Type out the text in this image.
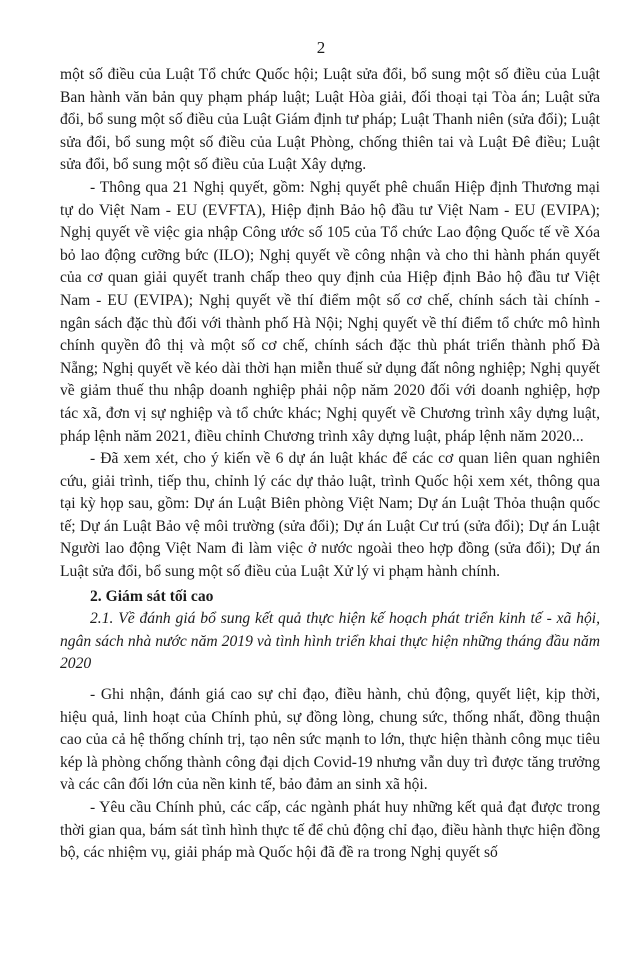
2

một số điều của Luật Tổ chức Quốc hội; Luật sửa đổi, bổ sung một số điều của Luật Ban hành văn bản quy phạm pháp luật; Luật Hòa giải, đối thoại tại Tòa án; Luật sửa đổi, bổ sung một số điều của Luật Giám định tư pháp; Luật Thanh niên (sửa đổi); Luật sửa đổi, bổ sung một số điều của Luật Phòng, chống thiên tai và Luật Đê điều; Luật sửa đổi, bổ sung một số điều của Luật Xây dựng.

- Thông qua 21 Nghị quyết, gồm: Nghị quyết phê chuẩn Hiệp định Thương mại tự do Việt Nam - EU (EVFTA), Hiệp định Bảo hộ đầu tư Việt Nam - EU (EVIPA); Nghị quyết về việc gia nhập Công ước số 105 của Tổ chức Lao động Quốc tế về Xóa bỏ lao động cưỡng bức (ILO); Nghị quyết về công nhận và cho thi hành phán quyết của cơ quan giải quyết tranh chấp theo quy định của Hiệp định Bảo hộ đầu tư Việt Nam - EU (EVIPA); Nghị quyết về thí điểm một số cơ chế, chính sách tài chính - ngân sách đặc thù đối với thành phố Hà Nội; Nghị quyết về thí điểm tổ chức mô hình chính quyền đô thị và một số cơ chế, chính sách đặc thù phát triển thành phố Đà Nẵng; Nghị quyết về kéo dài thời hạn miễn thuế sử dụng đất nông nghiệp; Nghị quyết về giảm thuế thu nhập doanh nghiệp phải nộp năm 2020 đối với doanh nghiệp, hợp tác xã, đơn vị sự nghiệp và tổ chức khác; Nghị quyết về Chương trình xây dựng luật, pháp lệnh năm 2021, điều chỉnh Chương trình xây dựng luật, pháp lệnh năm 2020...

- Đã xem xét, cho ý kiến về 6 dự án luật khác để các cơ quan liên quan nghiên cứu, giải trình, tiếp thu, chỉnh lý các dự thảo luật, trình Quốc hội xem xét, thông qua tại kỳ họp sau, gồm: Dự án Luật Biên phòng Việt Nam; Dự án Luật Thỏa thuận quốc tế; Dự án Luật Bảo vệ môi trường (sửa đổi); Dự án Luật Cư trú (sửa đổi); Dự án Luật Người lao động Việt Nam đi làm việc ở nước ngoài theo hợp đồng (sửa đổi); Dự án Luật sửa đổi, bổ sung một số điều của Luật Xử lý vi phạm hành chính.

2. Giám sát tối cao

2.1. Về đánh giá bổ sung kết quả thực hiện kế hoạch phát triển kinh tế - xã hội, ngân sách nhà nước năm 2019 và tình hình triển khai thực hiện những tháng đầu năm 2020

- Ghi nhận, đánh giá cao sự chỉ đạo, điều hành, chủ động, quyết liệt, kịp thời, hiệu quả, linh hoạt của Chính phủ, sự đồng lòng, chung sức, thống nhất, đồng thuận cao của cả hệ thống chính trị, tạo nên sức mạnh to lớn, thực hiện thành công mục tiêu kép là phòng chống thành công đại dịch Covid-19 nhưng vẫn duy trì được tăng trưởng và các cân đối lớn của nền kinh tế, bảo đảm an sinh xã hội.

- Yêu cầu Chính phủ, các cấp, các ngành phát huy những kết quả đạt được trong thời gian qua, bám sát tình hình thực tế để chủ động chỉ đạo, điều hành thực hiện đồng bộ, các nhiệm vụ, giải pháp mà Quốc hội đã đề ra trong Nghị quyết số
